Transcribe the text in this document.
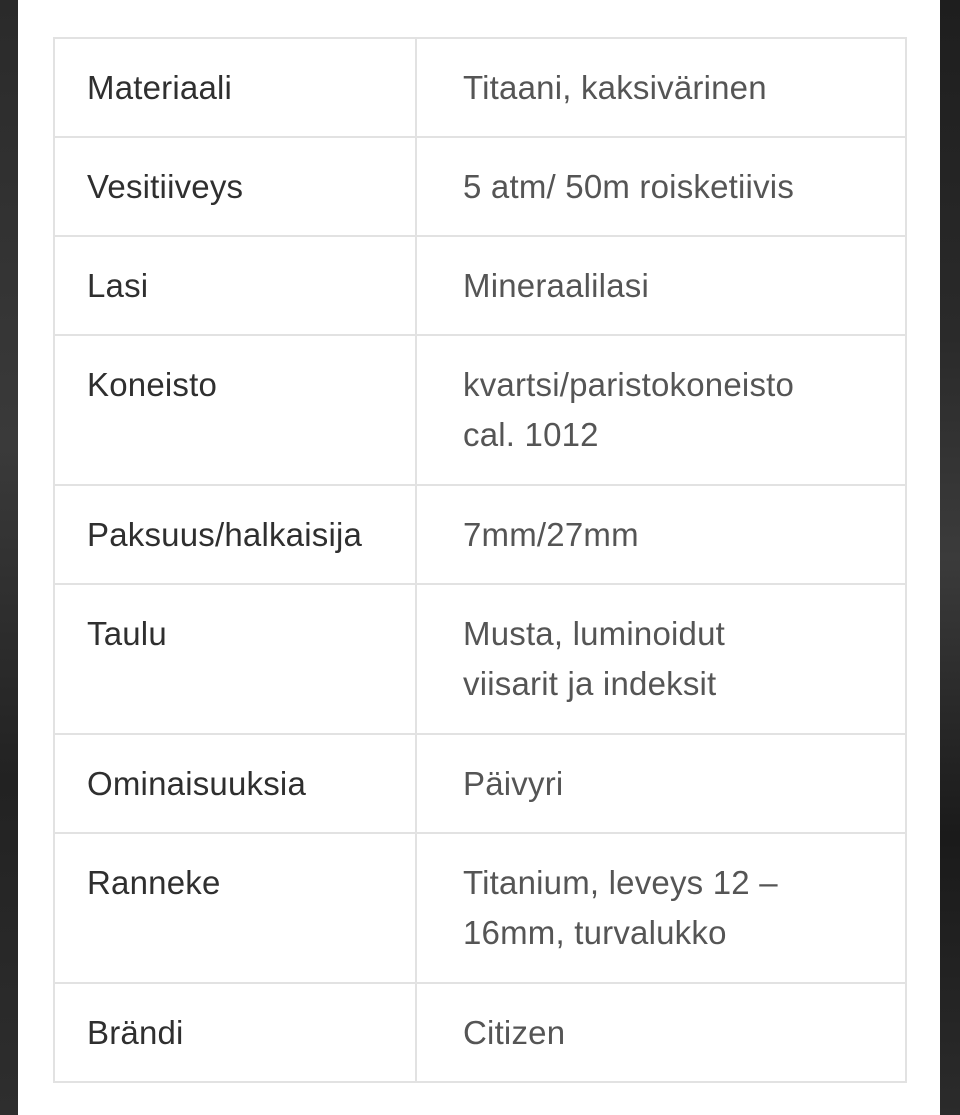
Materiaali	Titaani, kaksivärinen

Vesitiiveys	5 atm/ 50m roisketiivis

Lasi	Mineraalilasi

Koneisto	kvartsi/paristokoneisto
cal. 1012

Paksuus/halkaisija	7mm/27mm

Taulu	Musta, luminoidut
viisarit ja indeksit

Ominaisuuksia	Päivyri

Ranneke	Titanium, leveys 12 –
16mm, turvalukko

Brändi	Citizen
